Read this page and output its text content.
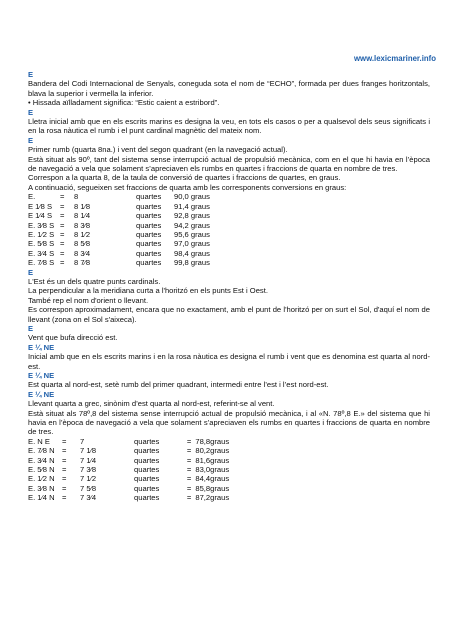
www.lexicmariner.info
E

Bandera del Codi Internacional de Senyals, coneguda sota el nom de “ECHO”, formada per dues franges horitzontals, blava la superior i vermella la inferior.

• Hissada aïlladament significa: “Estic caient a estribord”.

E

Lletra inicial amb que en els escrits marins es designa la veu, en tots els casos o per a qualsevol dels seus significats i en la rosa nàutica el rumb i el punt cardinal magnètic del mateix nom.

E

Primer rumb (quarta 8na.) i vent del segon quadrant (en la navegació actual).

Està situat als 90º, tant del sistema sense interrupció actual de propulsió mecànica, com en el que hi havia en l’època de navegació a vela que solament s’apreciaven els rumbs en quartes i fraccions de quarta en nombre de tres.

Correspon a la quarta 8, de la taula de conversió de quartes i fraccions de quartes, en graus.

A continuació, segueixen set fraccions de quarta amb les corresponents conversions en graus:

E.	=	8	quartes	90,0 graus
E 1⁄8 S	=	8 1⁄8	quartes	91,4 graus
E 1⁄4 S	=	8 1⁄4	quartes	92,8 graus
E. 3⁄8 S	=	8 3⁄8	quartes	94,2 graus
E. 1⁄2 S	=	8 1⁄2	quartes	95,6 graus
E. 5⁄8 S	=	8 5⁄8	quartes	97,0 graus
E. 3⁄4 S	=	8 3⁄4	quartes	98,4 graus
E. 7⁄8 S	=	8 7⁄8	quartes	99,8 graus
E

L'Est és un dels quatre punts cardinals.

La perpendicular a la meridiana curta a l'horitzó en els punts Est i Oest.

També rep el nom d'orient o llevant.

Es correspon aproximadament, encara que no exactament, amb el punt de l'horitzó per on surt el Sol, d'aquí el nom de llevant (zona on el Sol s'aixeca).

E

Vent que bufa direcció est.

E ¼ NE

Inicial amb que en els escrits marins i en la rosa nàutica es designa el rumb i vent que es denomina est quarta al nord-est.

E ¼ NE

Est quarta al nord-est, setè rumb del primer quadrant, intermedi entre l’est i l’est nord-est.

E ¼ NE

Llevant quarta a grec, sinònim d’est quarta al nord-est, referint-se al vent.

Està situat als 78º,8 del sistema sense interrupció actual de propulsió mecànica, i al «N. 78º,8 E.» del sistema que hi havia en l’època de navegació a vela que solament s’apreciaven els rumbs en quartes i fraccions de quarta en nombre de tres.

E. N E	=	7	quartes	=	78,8	graus
E. 7⁄8 N	=	7 1⁄8	quartes	=	80,2	graus
E. 3⁄4 N	=	7 1⁄4	quartes	=	81,6	graus
E. 5⁄8 N	=	7 3⁄8	quartes	=	83,0	graus
E. 1⁄2 N	=	7 1⁄2	quartes	=	84,4	graus
E. 3⁄8 N	=	7 5⁄8	quartes	=	85,8	graus
E. 1⁄4 N	=	7 3⁄4	quartes	=	87,2	graus
